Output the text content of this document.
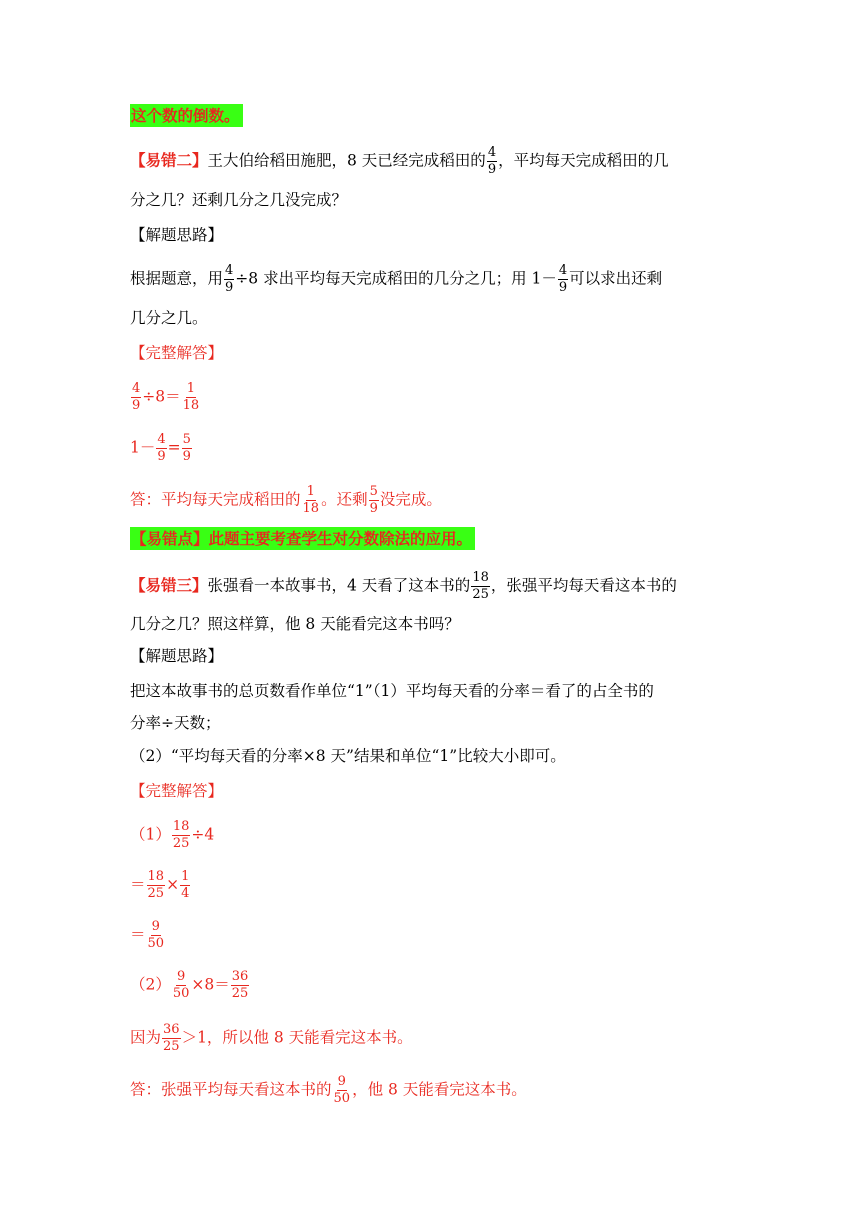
这个数的倒数。
【易错二】王大伯给稻田施肥，8 天已经完成稻田的 $\frac{4}{9}$ ，平均每天完成稻田的几
分之几？还剩几分之几没完成？
【解题思路】
根据题意，用 $\frac{4}{9} \div 8$ 求出平均每天完成稻田的几分之几；用 $1- \frac{4}{9}$ 可以求出还剩
几分之几。
【完整解答】
$\frac{4}{9} \div 8= \frac{1}{18}$
$1- \frac{4}{9} = \frac{5}{9}$
答：平均每天完成稻田的 $\frac{1}{18}$ 。还剩 $\frac{5}{9}$ 没完成。
【易错点】此题主要考查学生对分数除法的应用。
【易错三】张强看一本故事书，4 天看了这本书的 $\frac{18}{25}$ ，张强平均每天看这本书的
几分之几？照这样算，他 8 天能看完这本书吗？
【解题思路】
把这本故事书的总页数看作单位“1”（1）平均每天看的分率＝看了的占全书的
分率÷天数；
（2）“平均每天看的分率×8 天”结果和单位“1”比较大小即可。
【完整解答】
$(1) \frac{18}{25} \div 4$
＝ $\frac{18}{25} \times \frac{1}{4}$
＝ $\frac{9}{50}$
$(2) \frac{9}{50} \times 8= \frac{36}{25}$
因为 $\frac{36}{25} >1$，所以他 8 天能看完这本书。
答：张强平均每天看这本书的 $\frac{9}{50}$ ，他 8 天能看完这本书。
